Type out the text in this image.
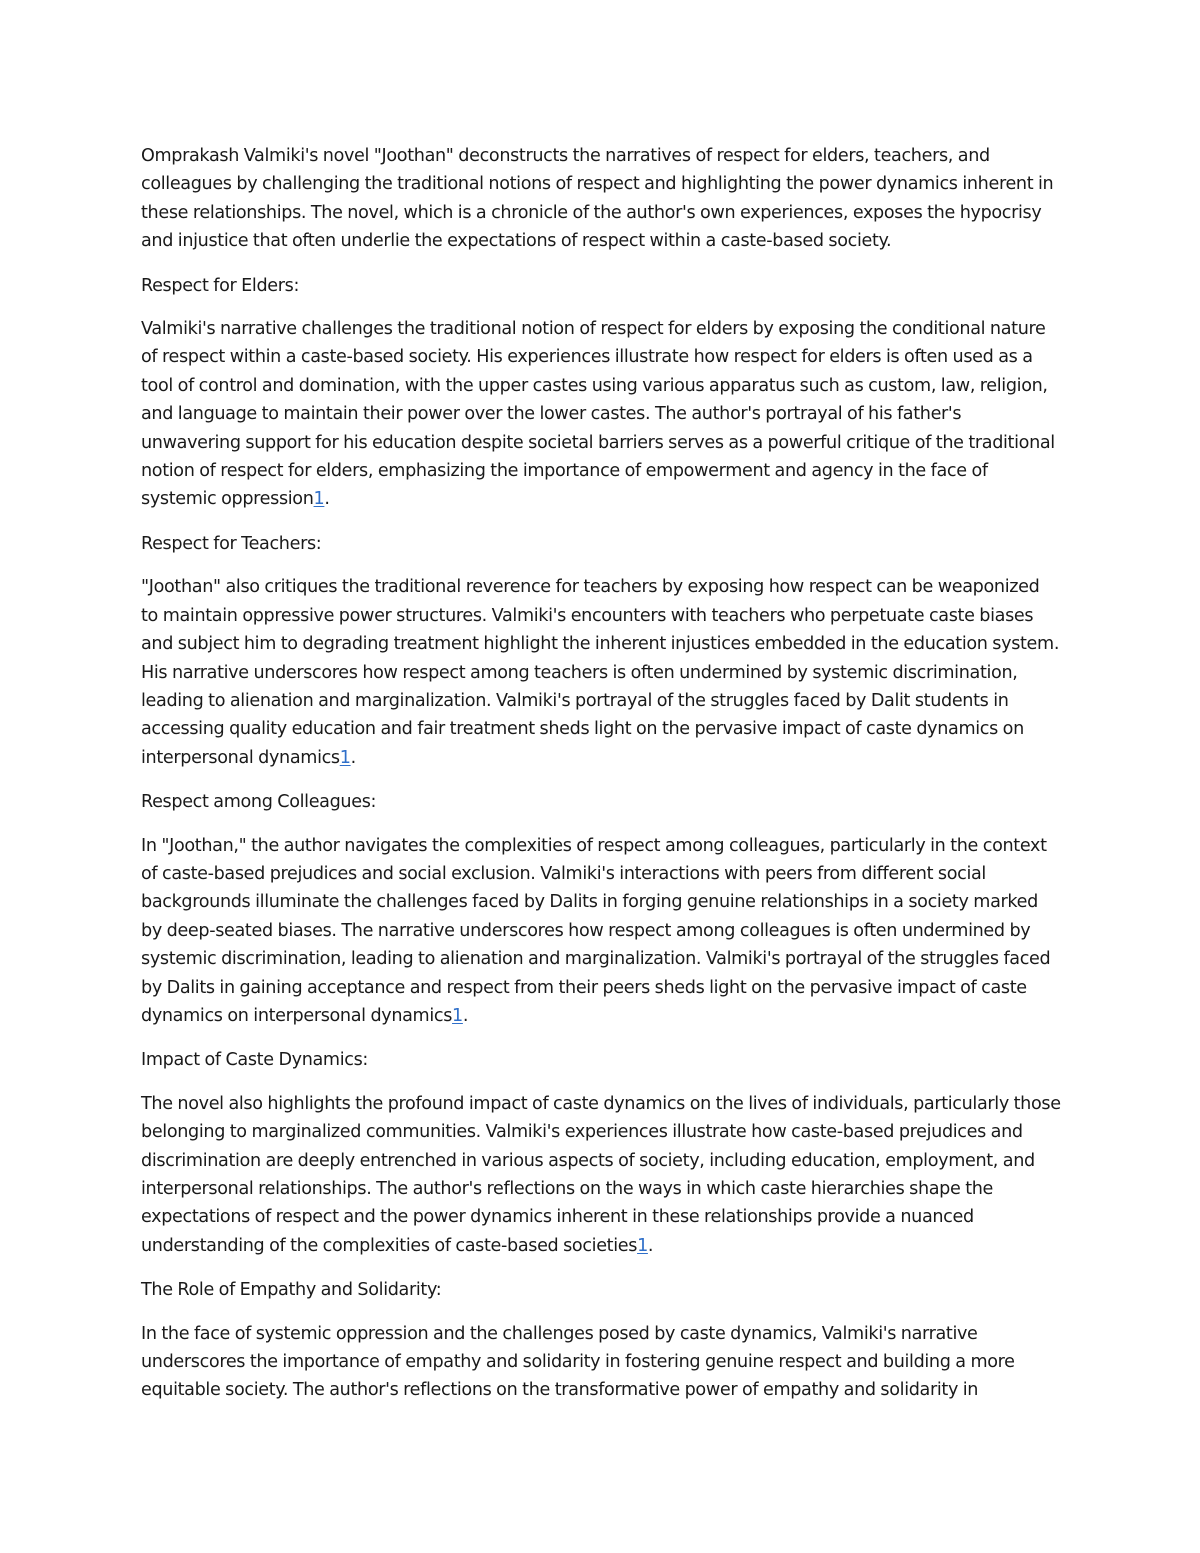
Omprakash Valmiki's novel "Joothan" deconstructs the narratives of respect for elders, teachers, and colleagues by challenging the traditional notions of respect and highlighting the power dynamics inherent in these relationships. The novel, which is a chronicle of the author's own experiences, exposes the hypocrisy and injustice that often underlie the expectations of respect within a caste-based society.

Respect for Elders:

Valmiki's narrative challenges the traditional notion of respect for elders by exposing the conditional nature of respect within a caste-based society. His experiences illustrate how respect for elders is often used as a tool of control and domination, with the upper castes using various apparatus such as custom, law, religion, and language to maintain their power over the lower castes. The author's portrayal of his father's unwavering support for his education despite societal barriers serves as a powerful critique of the traditional notion of respect for elders, emphasizing the importance of empowerment and agency in the face of systemic oppression1.

Respect for Teachers:

"Joothan" also critiques the traditional reverence for teachers by exposing how respect can be weaponized to maintain oppressive power structures. Valmiki's encounters with teachers who perpetuate caste biases and subject him to degrading treatment highlight the inherent injustices embedded in the education system. His narrative underscores how respect among teachers is often undermined by systemic discrimination, leading to alienation and marginalization. Valmiki's portrayal of the struggles faced by Dalit students in accessing quality education and fair treatment sheds light on the pervasive impact of caste dynamics on interpersonal dynamics1.

Respect among Colleagues:

In "Joothan," the author navigates the complexities of respect among colleagues, particularly in the context of caste-based prejudices and social exclusion. Valmiki's interactions with peers from different social backgrounds illuminate the challenges faced by Dalits in forging genuine relationships in a society marked by deep-seated biases. The narrative underscores how respect among colleagues is often undermined by systemic discrimination, leading to alienation and marginalization. Valmiki's portrayal of the struggles faced by Dalits in gaining acceptance and respect from their peers sheds light on the pervasive impact of caste dynamics on interpersonal dynamics1.

Impact of Caste Dynamics:

The novel also highlights the profound impact of caste dynamics on the lives of individuals, particularly those belonging to marginalized communities. Valmiki's experiences illustrate how caste-based prejudices and discrimination are deeply entrenched in various aspects of society, including education, employment, and interpersonal relationships. The author's reflections on the ways in which caste hierarchies shape the expectations of respect and the power dynamics inherent in these relationships provide a nuanced understanding of the complexities of caste-based societies1.

The Role of Empathy and Solidarity:

In the face of systemic oppression and the challenges posed by caste dynamics, Valmiki's narrative underscores the importance of empathy and solidarity in fostering genuine respect and building a more equitable society. The author's reflections on the transformative power of empathy and solidarity in
